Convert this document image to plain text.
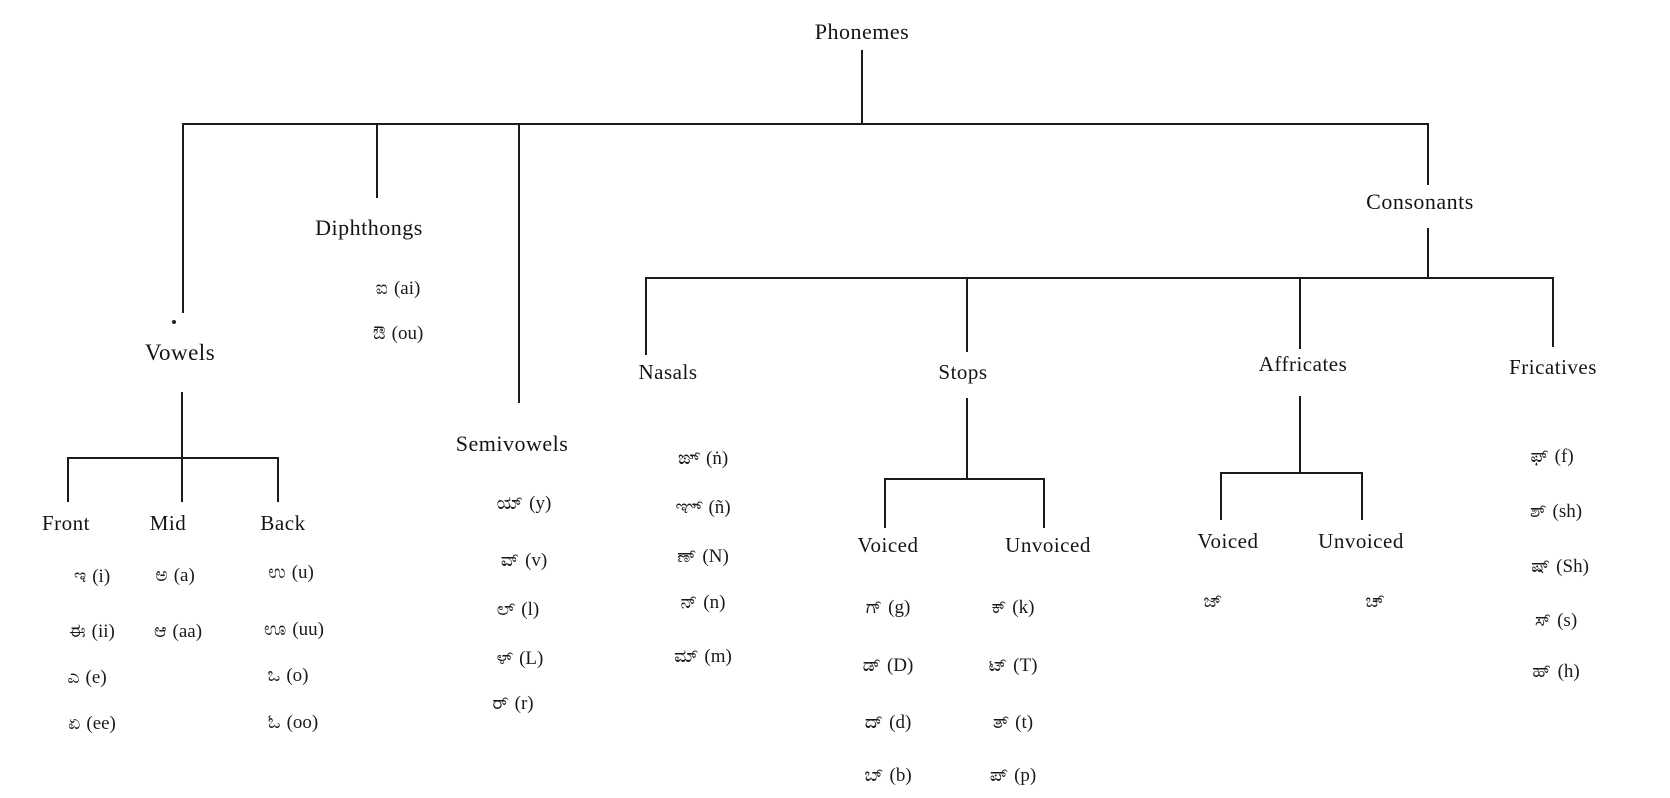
Phonemes
Vowels
Diphthongs
Semivowels
Consonants
Nasals	Stops	Affricates	Fricatives
Front	Mid	Back
Voiced	Unvoiced	Voiced	Unvoiced
ಐ (ai)
ಔ (ou)
ಇ (i)
ಈ (ii)
ಎ (e)
ಏ (ee)
ಅ (a)
ಆ (aa)
ಉ (u)
ಊ (uu)
ಒ (o)
ಓ (oo)
ಯ್ (y)
ವ್ (v)
ಲ್ (l)
ಳ್ (L)
ರ್ (r)
ಙ್ (ṅ)
ಞ್ (ñ)
ಣ್ (N)
ನ್ (n)
ಮ್ (m)
ಗ್ (g)
ಡ್ (D)
ದ್ (d)
ಬ್ (b)
ಕ್ (k)
ಟ್ (T)
ತ್ (t)
ಪ್ (p)
ಜ್	ಚ್
ಫ್ (f)
ಶ್ (sh)
ಷ್ (Sh)
ಸ್ (s)
ಹ್ (h)
